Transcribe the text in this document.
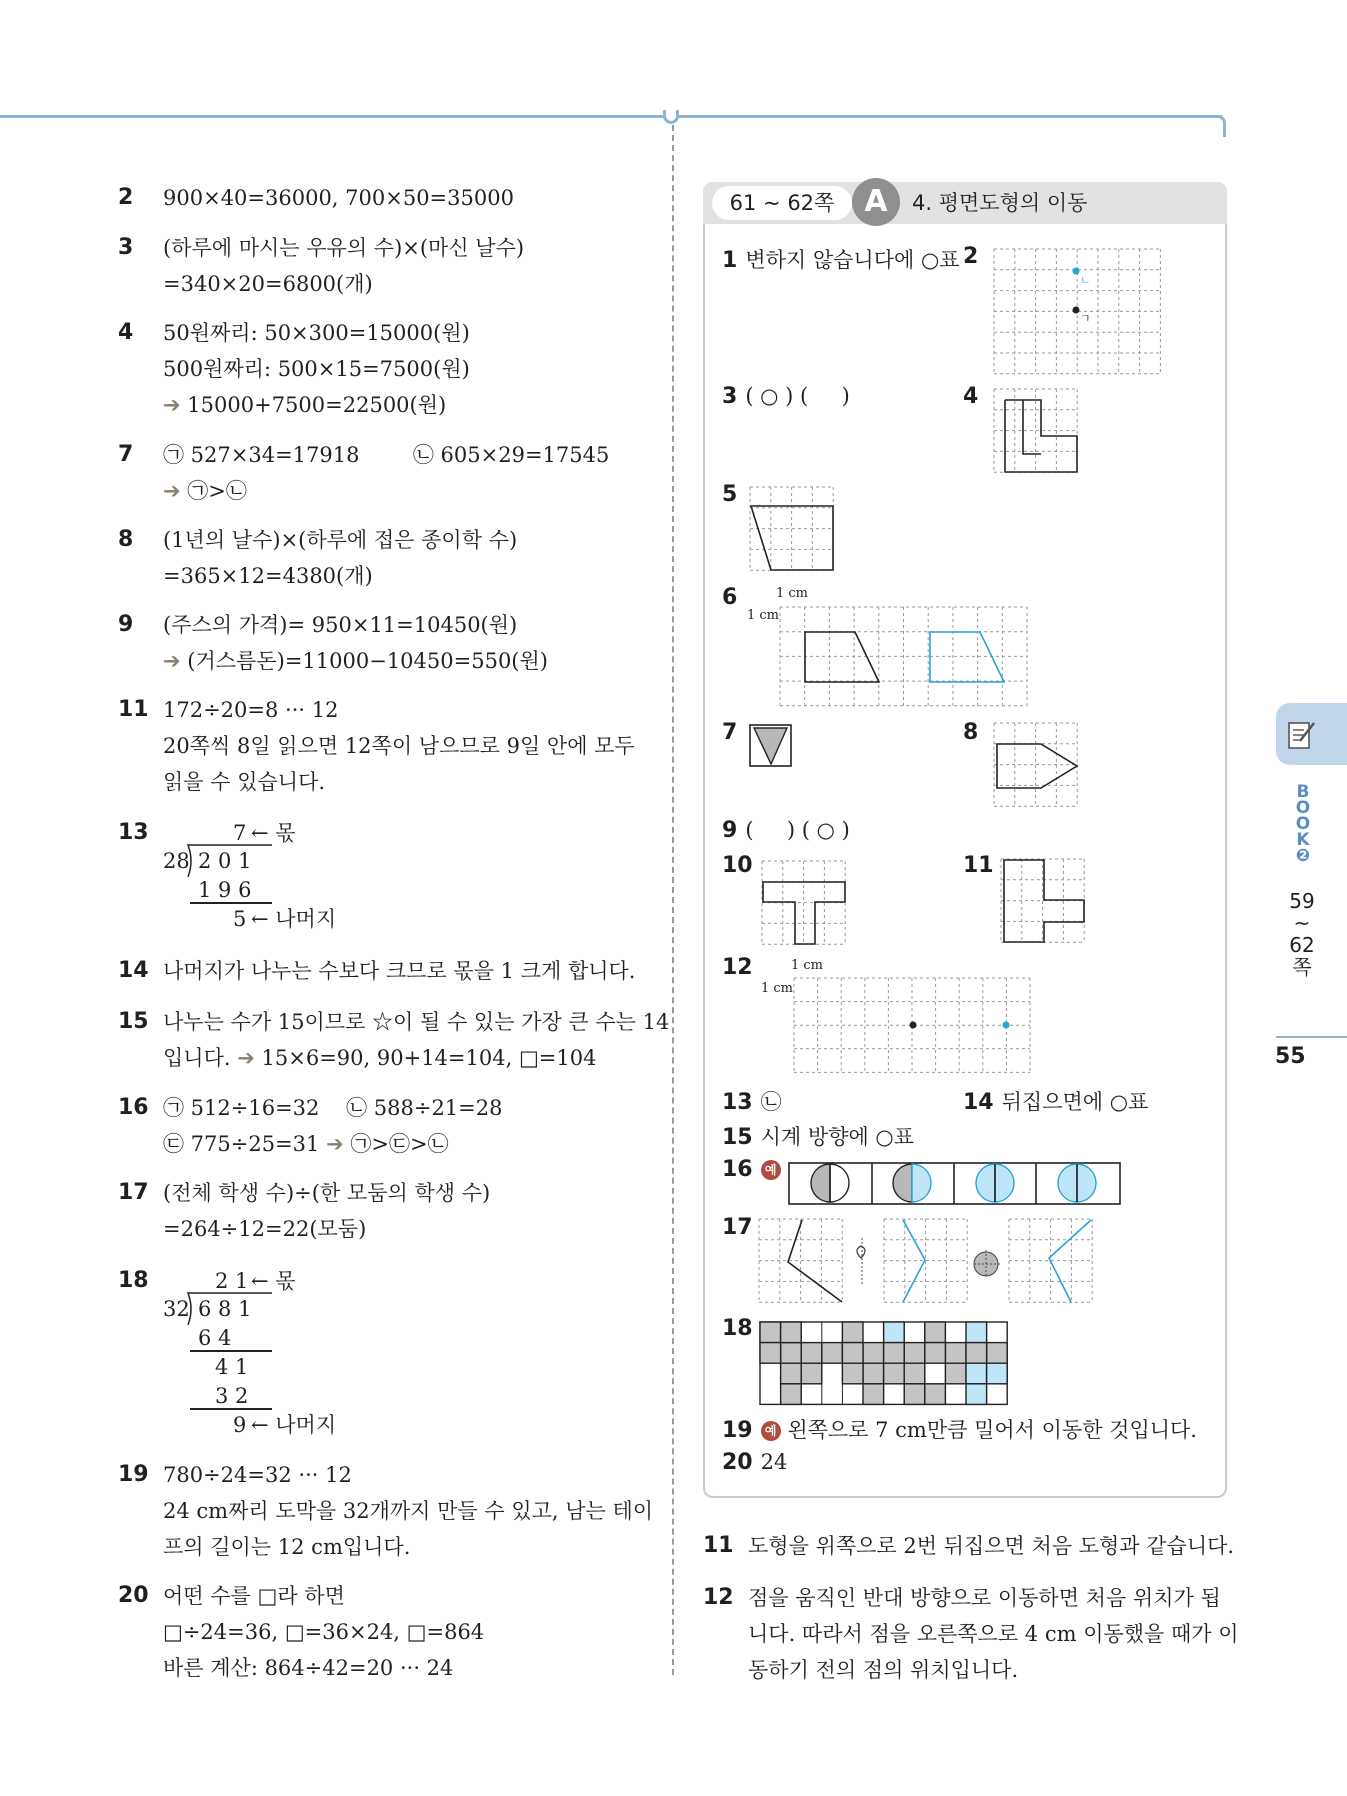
2	900×40=36000, 700×50=35000
3	(하루에 마시는 우유의 수)×(마신 날수)
=340×20=6800(개)
4	50원짜리: 50×300=15000(원)
500원짜리: 500×15=7500(원)
➔ 15000+7500=22500(원)
7	㉠ 527×34=17918        ㉡ 605×29=17545
➔ ㉠>㉡
8	(1년의 날수)×(하루에 접은 종이학 수)
=365×12=4380(개)
9	(주스의 가격)= 950×11=10450(원)
➔ (거스름돈)=11000−10450=550(원)
11 172÷20=8 ··· 12
20쪽씩 8일 읽으면 12쪽이 남으므로 9일 안에 모두
읽을 수 있습니다.
13	7 ← 몫
28 2 0 1
1 9 6
5 ← 나머지
14 나머지가 나누는 수보다 크므로 몫을 1 크게 합니다.
15 나누는 수가 15이므로 ☆이 될 수 있는 가장 큰 수는 14
입니다. ➔ 15×6=90, 90+14=104, □=104
16 ㉠ 512÷16=32    ㉡ 588÷21=28
㉢ 775÷25=31 ➔ ㉠>㉢>㉡
17 (전체 학생 수)÷(한 모둠의 학생 수)
=264÷12=22(모둠)
18	2 1 ← 몫
32 6 8 1
6 4
4 1
3 2
9 ← 나머지
19 780÷24=32 ··· 12
24 cm짜리 도막을 32개까지 만들 수 있고, 남는 테이
프의 길이는 12 cm입니다.
20 어떤 수를 □라 하면
□÷24=36, □=36×24, □=864
바른 계산: 864÷42=20 ··· 24
61 ~ 62쪽	A	4. 평면도형의 이동
1 변하지 않습니다에 ○표 2
ㄴ
ㄱ
3 ( ○ ) (     )	4
5
6	1 cm
1 cm
7	8
9 (     ) ( ○ )
10	11
12	1 cm
1 cm
13 ㉡	14 뒤집으면에 ○표
15 시계 방향에 ○표
16 예
17
18
19 예 왼쪽으로 7 cm만큼 밀어서 이동한 것입니다.
20 24
11 도형을 위쪽으로 2번 뒤집으면 처음 도형과 같습니다.
12 점을 움직인 반대 방향으로 이동하면 처음 위치가 됩
니다. 따라서 점을 오른쪽으로 4 cm 이동했을 때가 이
동하기 전의 점의 위치입니다.
B
O
O
K
❷
59
~
62
쪽
55
